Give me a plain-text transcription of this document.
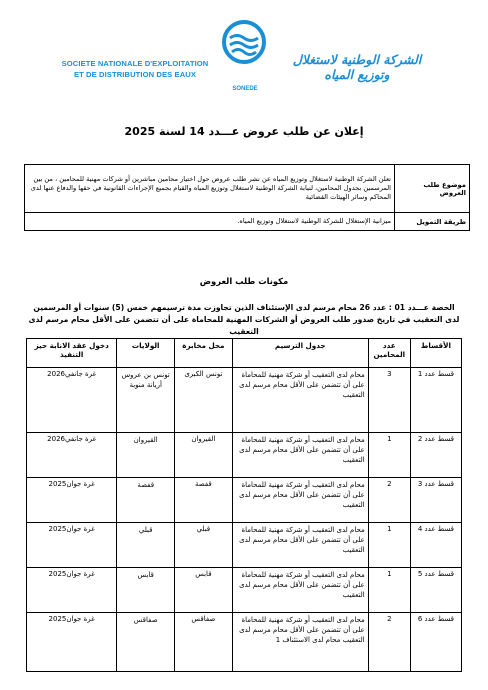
SOCIETE NATIONALE D'EXPLOITATION
ET DE DISTRIBUTION DES EAUX
SONEDE
الشركة الوطنية لاستغلال وتوزيع المياه
إعلان عن طلب عروض عـــدد 14 لسنة 2025
موضوع طلب العروض	تعلن الشركة الوطنية لاستغلال وتوزيع المياه عن نشر طلب عروض حول اختيار محامين مباشرين أو شركات مهنية للمحامين ، من بين المرسمين بجدول المحامين، لنيابة الشركة الوطنية لاستغلال وتوزيع المياه والقيام بجميع الإجراءات القانونية في حقها والدفاع عنها لدى المحاكم وسائر الهيئات القضائية
طريقة التمويل	ميزانية الإستغلال للشركة الوطنية لاستغلال وتوزيع المياه.
مكونات طلب العروض
الحصة عـــدد 01 : عدد 26 محام مرسم لدى الإستئناف الذين تجاوزت مدة ترسيمهم خمس (5) سنوات أو المرسمين لدى التعقيب في تاريخ صدور طلب العروض أو الشركات المهنية للمحاماة على أن تتضمن على الأقل محام مرسم لدى التعقيب
الأقساط	عدد المحامين	جدول الترسيم	محل مخابرة	الولايات	دخول عقد الانابة حيز التنفيذ
قسط عدد 1	3	محام لدى التعقيب أو شركة مهنية للمحاماة على أن تتضمن على الأقل محام مرسم لدى التعقيب	تونس الكبرى	تونس بن عروس أريانة منوبة	غرة جانفي2026
قسط عدد 2	1	محام لدى التعقيب أو شركة مهنية للمحاماة على أن تتضمن على الأقل محام مرسم لدى التعقيب	القيروان	القيروان	غرة جانفي2026
قسط عدد 3	2	محام لدى التعقيب أو شركة مهنية للمحاماة على أن تتضمن على الأقل محام مرسم لدى التعقيب	قفصة	قفصة	غرة جوان2025
قسط عدد 4	1	محام لدى التعقيب أو شركة مهنية للمحاماة على أن تتضمن على الأقل محام مرسم لدى التعقيب	قبلي	قبلي	غرة جوان2025
قسط عدد 5	1	محام لدى التعقيب أو شركة مهنية للمحاماة على أن تتضمن على الأقل محام مرسم لدى التعقيب	قابس	قابس	غرة جوان2025
قسط عدد 6	2	محام لدى التعقيب أو شركة مهنية للمحاماة على أن تتضمن على الأقل محام مرسم لدى التعقيب محام لدى الاستئناف 1	صفاقس	صفاقس	غرة جوان2025
